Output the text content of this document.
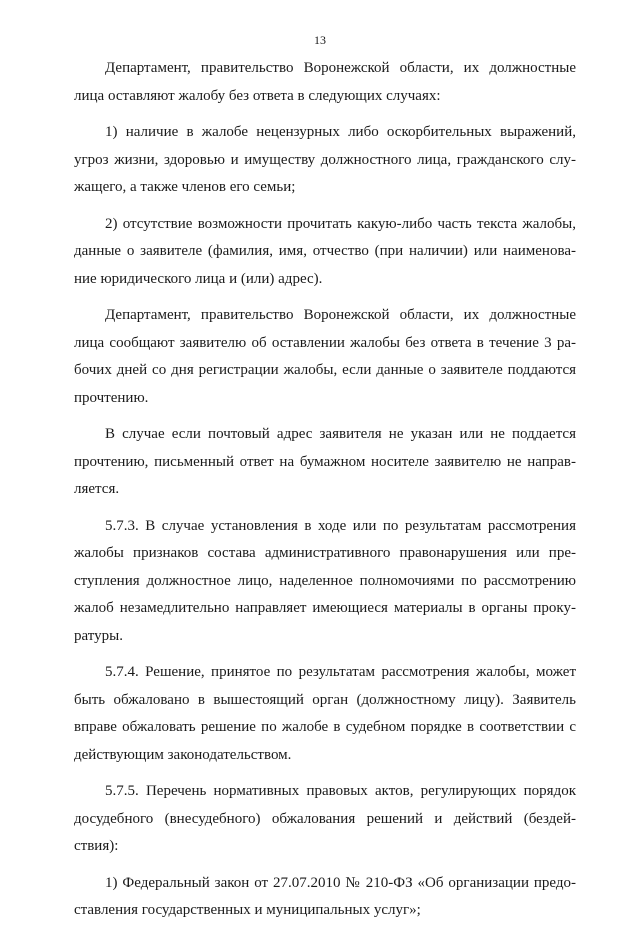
13

Департамент, правительство Воронежской области, их должностные
лица оставляют жалобу без ответа в следующих случаях:

1) наличие в жалобе нецензурных либо оскорбительных выражений,
угроз жизни, здоровью и имуществу должностного лица, гражданского слу-
жащего, а также членов его семьи;

2) отсутствие возможности прочитать какую-либо часть текста жалобы,
данные о заявителе (фамилия, имя, отчество (при наличии) или наименова-
ние юридического лица и (или) адрес).

Департамент, правительство Воронежской области, их должностные
лица сообщают заявителю об оставлении жалобы без ответа в течение 3 ра-
бочих дней со дня регистрации жалобы, если данные о заявителе поддаются
прочтению.

В случае если почтовый адрес заявителя не указан или не поддается
прочтению, письменный ответ на бумажном носителе заявителю не направ-
ляется.

5.7.3. В случае установления в ходе или по результатам рассмотрения
жалобы признаков состава административного правонарушения или пре-
ступления должностное лицо, наделенное полномочиями по рассмотрению
жалоб незамедлительно направляет имеющиеся материалы в органы проку-
ратуры.

5.7.4. Решение, принятое по результатам рассмотрения жалобы, может
быть обжаловано в вышестоящий орган (должностному лицу). Заявитель
вправе обжаловать решение по жалобе в судебном порядке в соответствии с
действующим законодательством.

5.7.5. Перечень нормативных правовых актов, регулирующих порядок
досудебного (внесудебного) обжалования решений и действий (бездей-
ствия):

1) Федеральный закон от 27.07.2010 № 210-ФЗ «Об организации предо-
ставления государственных и муниципальных услуг»;
